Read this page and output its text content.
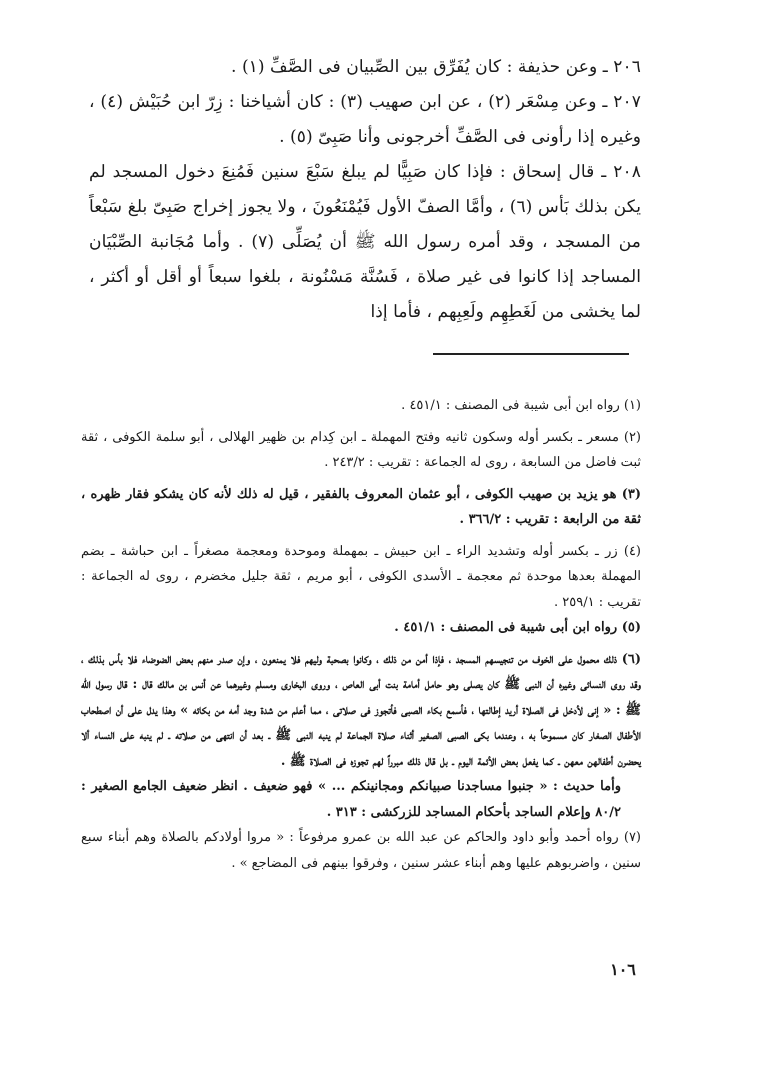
٢٠٦ ـ وعن حذيفة : كان يُفَرِّق بين الصِّبيان فى الصَّفِّ (١) .

٢٠٧ ـ وعن مِسْعَر (٢) ، عن ابن صهيب (٣) : كان أشياخنا : زِرّ ابن حُبَيْش (٤) ، وغيره إذا رأونى فى الصَّفِّ أخرجونى وأنا صَبِىّ (٥) .

٢٠٨ ـ قال إسحاق : فإذا كان صَبِيًّا لم يبلغ سَبْعَ سنين فَمُنِعَ دخول المسجد لم يكن بذلك بَأس (٦) ، وأمَّا الصفّ الأول فَيُمْنَعُونَ ، ولا يجوز إخراج صَبِىّ بلغ سَبْعاً من المسجد ، وقد أمره رسول الله ﷺ أن يُصَلِّى (٧) . وأما مُجَانبة الصِّبْيَان المساجد إذا كانوا فى غير صلاة ، فَسُنَّة مَسْنُونة ، بلغوا سبعاً أو أقل أو أكثر ، لما يخشى من لَغَطِهِم ولَعِبِهم ، فأما إذا

(١) رواه ابن أبى شيبة فى المصنف : ٤٥١/١ .

(٢) مسعر ـ بكسر أوله وسكون ثانيه وفتح المهملة ـ ابن كِدام بن ظهير الهلالى ، أبو سلمة الكوفى ، ثقة ثبت فاضل من السابعة ، روى له الجماعة : تقريب : ٢٤٣/٢ .

(٣) هو يزيد بن صهيب الكوفى ، أبو عثمان المعروف بالفقير ، قيل له ذلك لأنه كان يشكو فقار ظهره ، ثقة من الرابعة : تقريب : ٣٦٦/٢ .

(٤) زر ـ بكسر أوله وتشديد الراء ـ ابن حبيش ـ بمهملة وموحدة ومعجمة مصغراً ـ ابن حباشة ـ بضم المهملة بعدها موحدة ثم معجمة ـ الأسدى الكوفى ، أبو مريم ، ثقة جليل مخضرم ، روى له الجماعة : تقريب : ٢٥٩/١ .

(٥) رواه ابن أبى شيبة فى المصنف : ٤٥١/١ .

(٦) ذلك محمول على الخوف من تنجيسهم المسجد ، فإذا أمن من ذلك ، وكانوا بصحبة وليهم فلا يمنعون ، وإن صدر منهم بعض الضوضاء فلا بأس بذلك ، وقد روى النسائى وغيره أن النبى ﷺ كان يصلى وهو حامل أمامة بنت أبى العاص ، وروى البخارى ومسلم وغيرهما عن أنس بن مالك قال : قال رسول الله ﷺ : « إنى لأدخل فى الصلاة أريد إطالتها ، فأسمع بكاء الصبى فأتجوز فى صلاتى ، مما أعلم من شدة وجد أمه من بكائه » وهذا يدل على أن اصطحاب الأطفال الصغار كان مسموحاً به ، وعندما بكى الصبى الصغير أثناء صلاة الجماعة لم ينبه النبى ﷺ ـ بعد أن انتهى من صلاته ـ لم ينبه على النساء ألا يحضرن أطفالهن معهن ـ كما يفعل بعض الأئمة اليوم ـ بل قال ذلك مبرراً لهم تجوزه فى الصلاة ﷺ .

وأما حديث : « جنبوا مساجدنا صبيانكم ومجانينكم ... » فهو ضعيف . انظر ضعيف الجامع الصغير : ٨٠/٢ وإعلام الساجد بأحكام المساجد للزركشى : ٣١٣ .

(٧) رواه أحمد وأبو داود والحاكم عن عبد الله بن عمرو مرفوعاً : « مروا أولادكم بالصلاة وهم أبناء سبع سنين ، واضربوهم عليها وهم أبناء عشر سنين ، وفرقوا بينهم فى المضاجع » .

١٠٦
